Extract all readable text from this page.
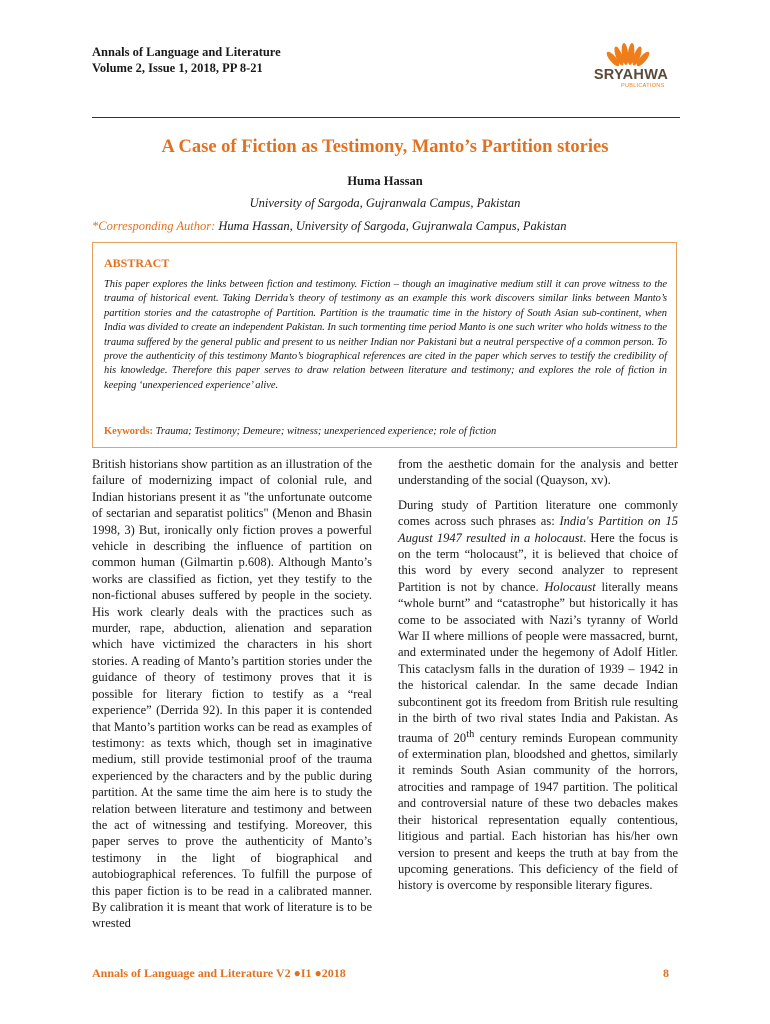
Annals of Language and Literature
Volume 2, Issue 1, 2018, PP 8-21	SRYAHWA
PUBLICATIONS
A Case of Fiction as Testimony, Manto’s Partition stories
Huma Hassan
University of Sargoda, Gujranwala Campus, Pakistan
*Corresponding Author: Huma Hassan, University of Sargoda, Gujranwala Campus, Pakistan
ABSTRACT
This paper explores the links between fiction and testimony. Fiction – though an imaginative medium still it can prove witness to the trauma of historical event. Taking Derrida’s theory of testimony as an example this work discovers similar links between Manto’s partition stories and the catastrophe of Partition. Partition is the traumatic time in the history of South Asian sub-continent, when India was divided to create an independent Pakistan. In such tormenting time period Manto is one such writer who holds witness to the trauma suffered by the general public and present to us neither Indian nor Pakistani but a neutral perspective of a common person. To prove the authenticity of this testimony Manto’s biographical references are cited in the paper which serves to testify the credibility of his knowledge. Therefore this paper serves to draw relation between literature and testimony; and explores the role of fiction in keeping ‘unexperienced experience’ alive.
Keywords: Trauma; Testimony; Demeure; witness; unexperienced experience; role of fiction

British historians show partition as an illustration of the failure of modernizing impact of colonial rule, and Indian historians present it as "the unfortunate outcome of sectarian and separatist politics" (Menon and Bhasin 1998, 3) But, ironically only fiction proves a powerful vehicle in describing the influence of partition on common human (Gilmartin p.608). Although Manto’s works are classified as fiction, yet they testify to the non-fictional abuses suffered by people in the society. His work clearly deals with the practices such as murder, rape, abduction, alienation and separation which have victimized the characters in his short stories. A reading of Manto’s partition stories under the guidance of theory of testimony proves that it is possible for literary fiction to testify as a “real experience” (Derrida 92). In this paper it is contended that Manto’s partition works can be read as examples of testimony: as texts which, though set in imaginative medium, still provide testimonial proof of the trauma experienced by the characters and by the public during partition. At the same time the aim here is to study the relation between literature and testimony and between the act of witnessing and testifying. Moreover, this paper serves to prove the authenticity of Manto’s testimony in the light of biographical and autobiographical references. To fulfill the purpose of this paper fiction is to be read in a calibrated manner. By calibration it is meant that work of literature is to be wrested

from the aesthetic domain for the analysis and better understanding of the social (Quayson, xv).

During study of Partition literature one commonly comes across such phrases as: India's Partition on 15 August 1947 resulted in a holocaust. Here the focus is on the term “holocaust”, it is believed that choice of this word by every second analyzer to represent Partition is not by chance. Holocaust literally means “whole burnt” and “catastrophe” but historically it has come to be associated with Nazi’s tyranny of World War II where millions of people were massacred, burnt, and exterminated under the hegemony of Adolf Hitler. This cataclysm falls in the duration of 1939 – 1942 in the historical calendar. In the same decade Indian subcontinent got its freedom from British rule resulting in the birth of two rival states India and Pakistan. As trauma of 20th century reminds European community of extermination plan, bloodshed and ghettos, similarly it reminds South Asian community of the horrors, atrocities and rampage of 1947 partition. The political and controversial nature of these two debacles makes their historical representation equally contentious, litigious and partial. Each historian has his/her own version to present and keeps the truth at bay from the upcoming generations. This deficiency of the field of history is overcome by responsible literary figures.

Annals of Language and Literature V2 ●I1 ●2018	8
